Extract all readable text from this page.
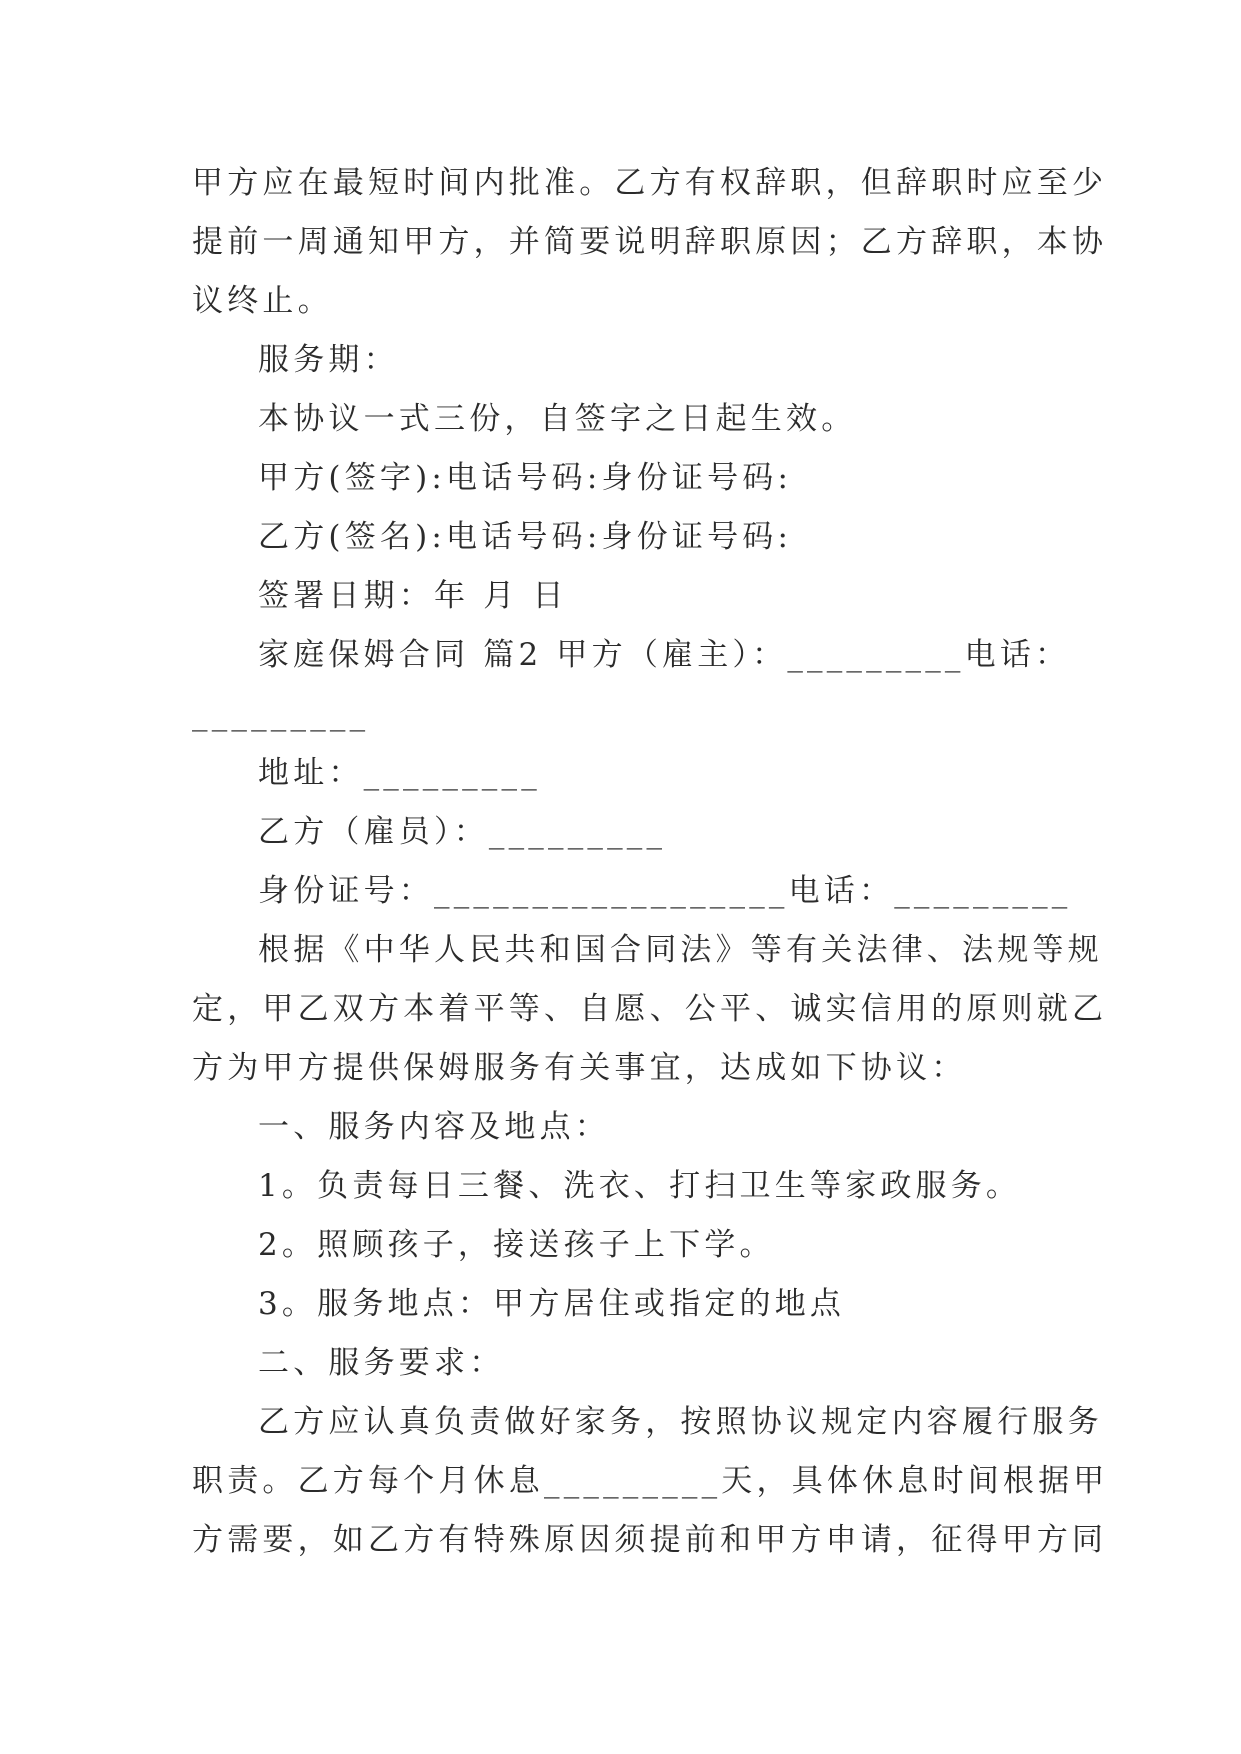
甲方应在最短时间内批准。乙方有权辞职，但辞职时应至少
提前一周通知甲方，并简要说明辞职原因；乙方辞职，本协
议终止。
服务期：
本协议一式三份，自签字之日起生效。
甲方(签字):电话号码:身份证号码:
乙方(签名):电话号码:身份证号码:
签署日期：年 月 日
家庭保姆合同 篇2 甲方（雇主）：_________电话：
_________
地址：_________
乙方（雇员）：_________
身份证号：__________________电话：_________
根据《中华人民共和国合同法》等有关法律、法规等规
定，甲乙双方本着平等、自愿、公平、诚实信用的原则就乙
方为甲方提供保姆服务有关事宜，达成如下协议：
一、服务内容及地点：
1。负责每日三餐、洗衣、打扫卫生等家政服务。
2。照顾孩子，接送孩子上下学。
3。服务地点：甲方居住或指定的地点
二、服务要求：
乙方应认真负责做好家务，按照协议规定内容履行服务
职责。乙方每个月休息_________天，具体休息时间根据甲
方需要，如乙方有特殊原因须提前和甲方申请，征得甲方同
